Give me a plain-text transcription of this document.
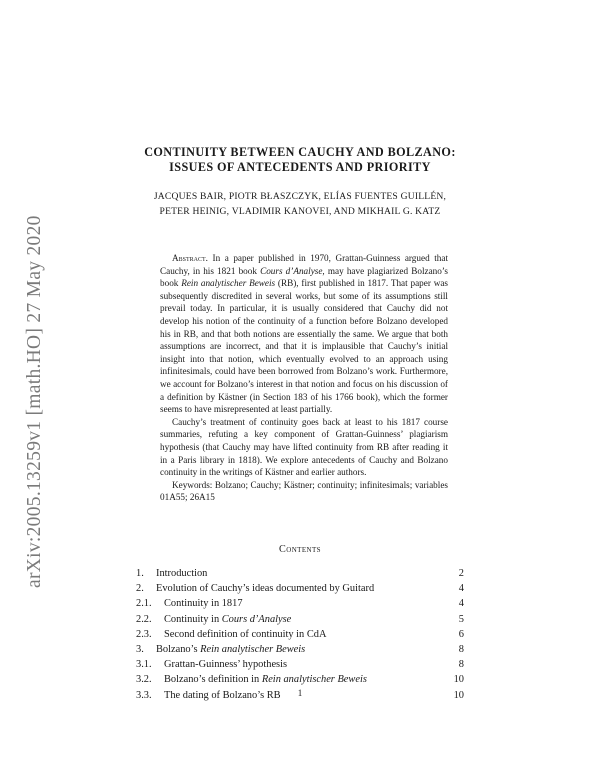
arXiv:2005.13259v1 [math.HO] 27 May 2020
CONTINUITY BETWEEN CAUCHY AND BOLZANO:
ISSUES OF ANTECEDENTS AND PRIORITY
JACQUES BAIR, PIOTR BŁASZCZYK, ELÍAS FUENTES GUILLÉN,
PETER HEINIG, VLADIMIR KANOVEI, AND MIKHAIL G. KATZ

Abstract. In a paper published in 1970, Grattan-Guinness argued that Cauchy, in his 1821 book Cours d’Analyse, may have plagiarized Bolzano’s book Rein analytischer Beweis (RB), first published in 1817. That paper was subsequently discredited in several works, but some of its assumptions still prevail today. In particular, it is usually considered that Cauchy did not develop his notion of the continuity of a function before Bolzano developed his in RB, and that both notions are essentially the same. We argue that both assumptions are incorrect, and that it is implausible that Cauchy’s initial insight into that notion, which eventually evolved to an approach using infinitesimals, could have been borrowed from Bolzano’s work. Furthermore, we account for Bolzano’s interest in that notion and focus on his discussion of a definition by Kästner (in Section 183 of his 1766 book), which the former seems to have misrepresented at least partially.

Cauchy’s treatment of continuity goes back at least to his 1817 course summaries, refuting a key component of Grattan-Guinness’ plagiarism hypothesis (that Cauchy may have lifted continuity from RB after reading it in a Paris library in 1818). We explore antecedents of Cauchy and Bolzano continuity in the writings of Kästner and earlier authors.

Keywords: Bolzano; Cauchy; Kästner; continuity; infinitesimals; variables 01A55; 26A15

Contents
1. Introduction	2
2. Evolution of Cauchy’s ideas documented by Guitard	4
2.1. Continuity in 1817	4
2.2. Continuity in Cours d’Analyse	5
2.3. Second definition of continuity in CdA	6
3. Bolzano’s Rein analytischer Beweis	8
3.1. Grattan-Guinness’ hypothesis	8
3.2. Bolzano’s definition in Rein analytischer Beweis	10
3.3. The dating of Bolzano’s RB	10
1
